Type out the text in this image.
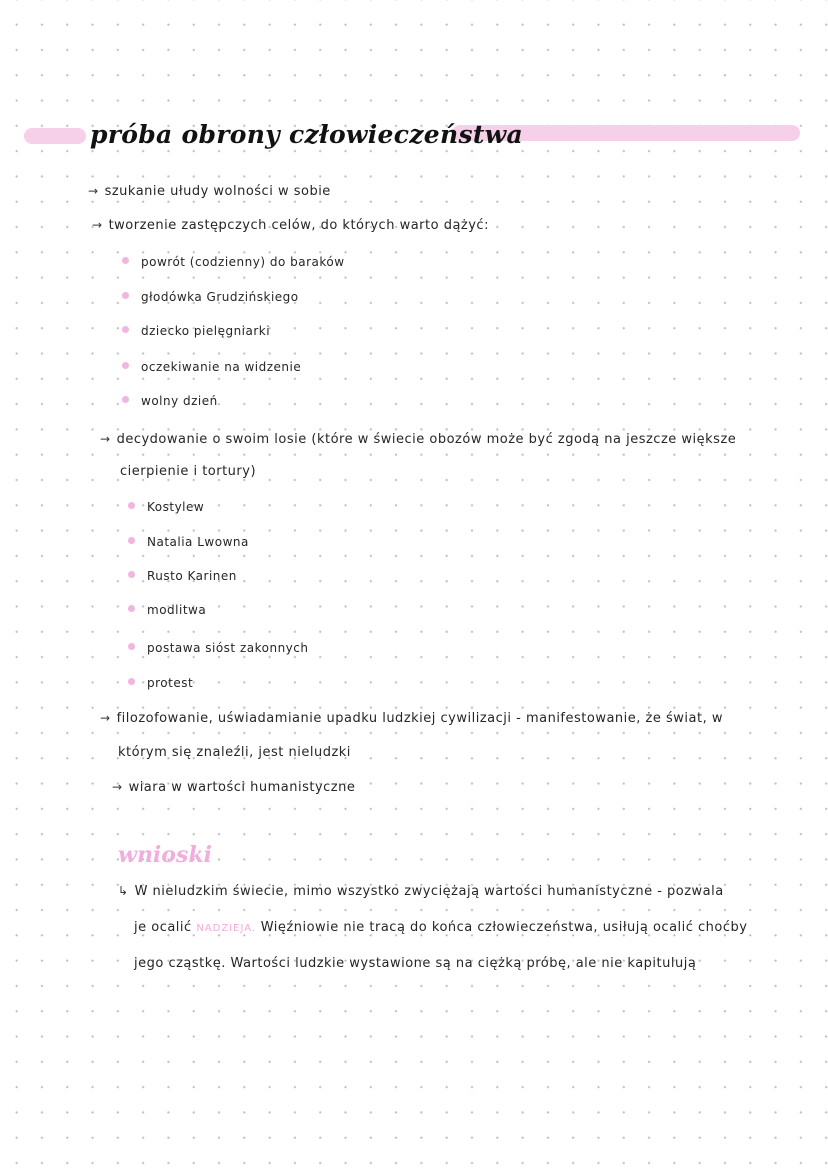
próba obrony człowieczeństwa
→ szukanie ułudy wolności w sobie
→ tworzenie zastępczych celów, do których warto dążyć:
powrót (codzienny) do baraków
głodówka Grudzińskiego
dziecko pielęgniarki
oczekiwanie na widzenie
wolny dzień
→ decydowanie o swoim losie (które w świecie obozów może być zgodą na jeszcze większe
cierpienie i tortury)
Kostylew
Natalia Lwowna
Rusto Karinen
modlitwa
postawa sióst zakonnych
protest
→ filozofowanie, uświadamianie upadku ludzkiej cywilizacji - manifestowanie, że świat, w
którym się znaleźli, jest nieludzki
→ wiara w wartości humanistyczne
wnioski
↳ W nieludzkim świecie, mimo wszystko zwyciężają wartości humanistyczne - pozwala
je ocalić NADZIEJA. Więźniowie nie tracą do końca człowieczeństwa, usiłują ocalić choćby
jego cząstkę. Wartości ludzkie wystawione są na ciężką próbę, ale nie kapitulują
